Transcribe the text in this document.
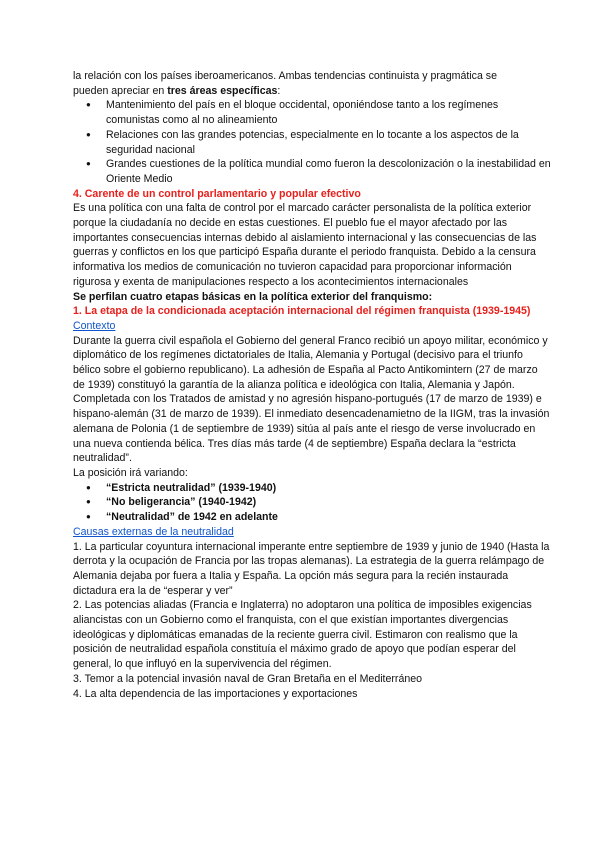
la relación con los países iberoamericanos. Ambas tendencias continuista y pragmática se

pueden apreciar en tres áreas específicas:

● Mantenimiento del país en el bloque occidental, oponiéndose tanto a los regímenes comunistas como al no alineamiento
● Relaciones con las grandes potencias, especialmente en lo tocante a los aspectos de la seguridad nacional
● Grandes cuestiones de la política mundial como fueron la descolonización o la inestabilidad en Oriente Medio

4. Carente de un control parlamentario y popular efectivo

Es una política con una falta de control por el marcado carácter personalista de la política exterior porque la ciudadanía no decide en estas cuestiones. El pueblo fue el mayor afectado por las importantes consecuencias internas debido al aislamiento internacional y las consecuencias de las guerras y conflictos en los que participó España durante el periodo franquista. Debido a la censura informativa los medios de comunicación no tuvieron capacidad para proporcionar información rigurosa y exenta de manipulaciones respecto a los acontecimientos internacionales

Se perfilan cuatro etapas básicas en la política exterior del franquismo:

1. La etapa de la condicionada aceptación internacional del régimen franquista (1939-1945)

Contexto

Durante la guerra civil española el Gobierno del general Franco recibió un apoyo militar, económico y diplomático de los regímenes dictatoriales de Italia, Alemania y Portugal (decisivo para el triunfo bélico sobre el gobierno republicano). La adhesión de España al Pacto Antikomintern (27 de marzo de 1939) constituyó la garantía de la alianza política e ideológica con Italia, Alemania y Japón. Completada con los Tratados de amistad y no agresión hispano-portugués (17 de marzo de 1939) e hispano-alemán (31 de marzo de 1939). El inmediato desencadenamietno de la IIGM, tras la invasión alemana de Polonia (1 de septiembre de 1939) sitúa al país ante el riesgo de verse involucrado en una nueva contienda bélica. Tres días más tarde (4 de septiembre) España declara la “estricta neutralidad”.

La posición irá variando:

● “Estricta neutralidad” (1939-1940)
● “No beligerancia” (1940-1942)
● “Neutralidad” de 1942 en adelante

Causas externas de la neutralidad

1. La particular coyuntura internacional imperante entre septiembre de 1939 y junio de 1940 (Hasta la derrota y la ocupación de Francia por las tropas alemanas). La estrategia de la guerra relámpago de Alemania dejaba por fuera a Italia y España. La opción más segura para la recién instaurada dictadura era la de “esperar y ver”

2. Las potencias aliadas (Francia e Inglaterra) no adoptaron una política de imposibles exigencias aliancistas con un Gobierno como el franquista, con el que existían importantes divergencias ideológicas y diplomáticas emanadas de la reciente guerra civil. Estimaron con realismo que la posición de neutralidad española constituía el máximo grado de apoyo que podían esperar del general, lo que influyó en la supervivencia del régimen.

3. Temor a la potencial invasión naval de Gran Bretaña en el Mediterráneo

4. La alta dependencia de las importaciones y exportaciones
